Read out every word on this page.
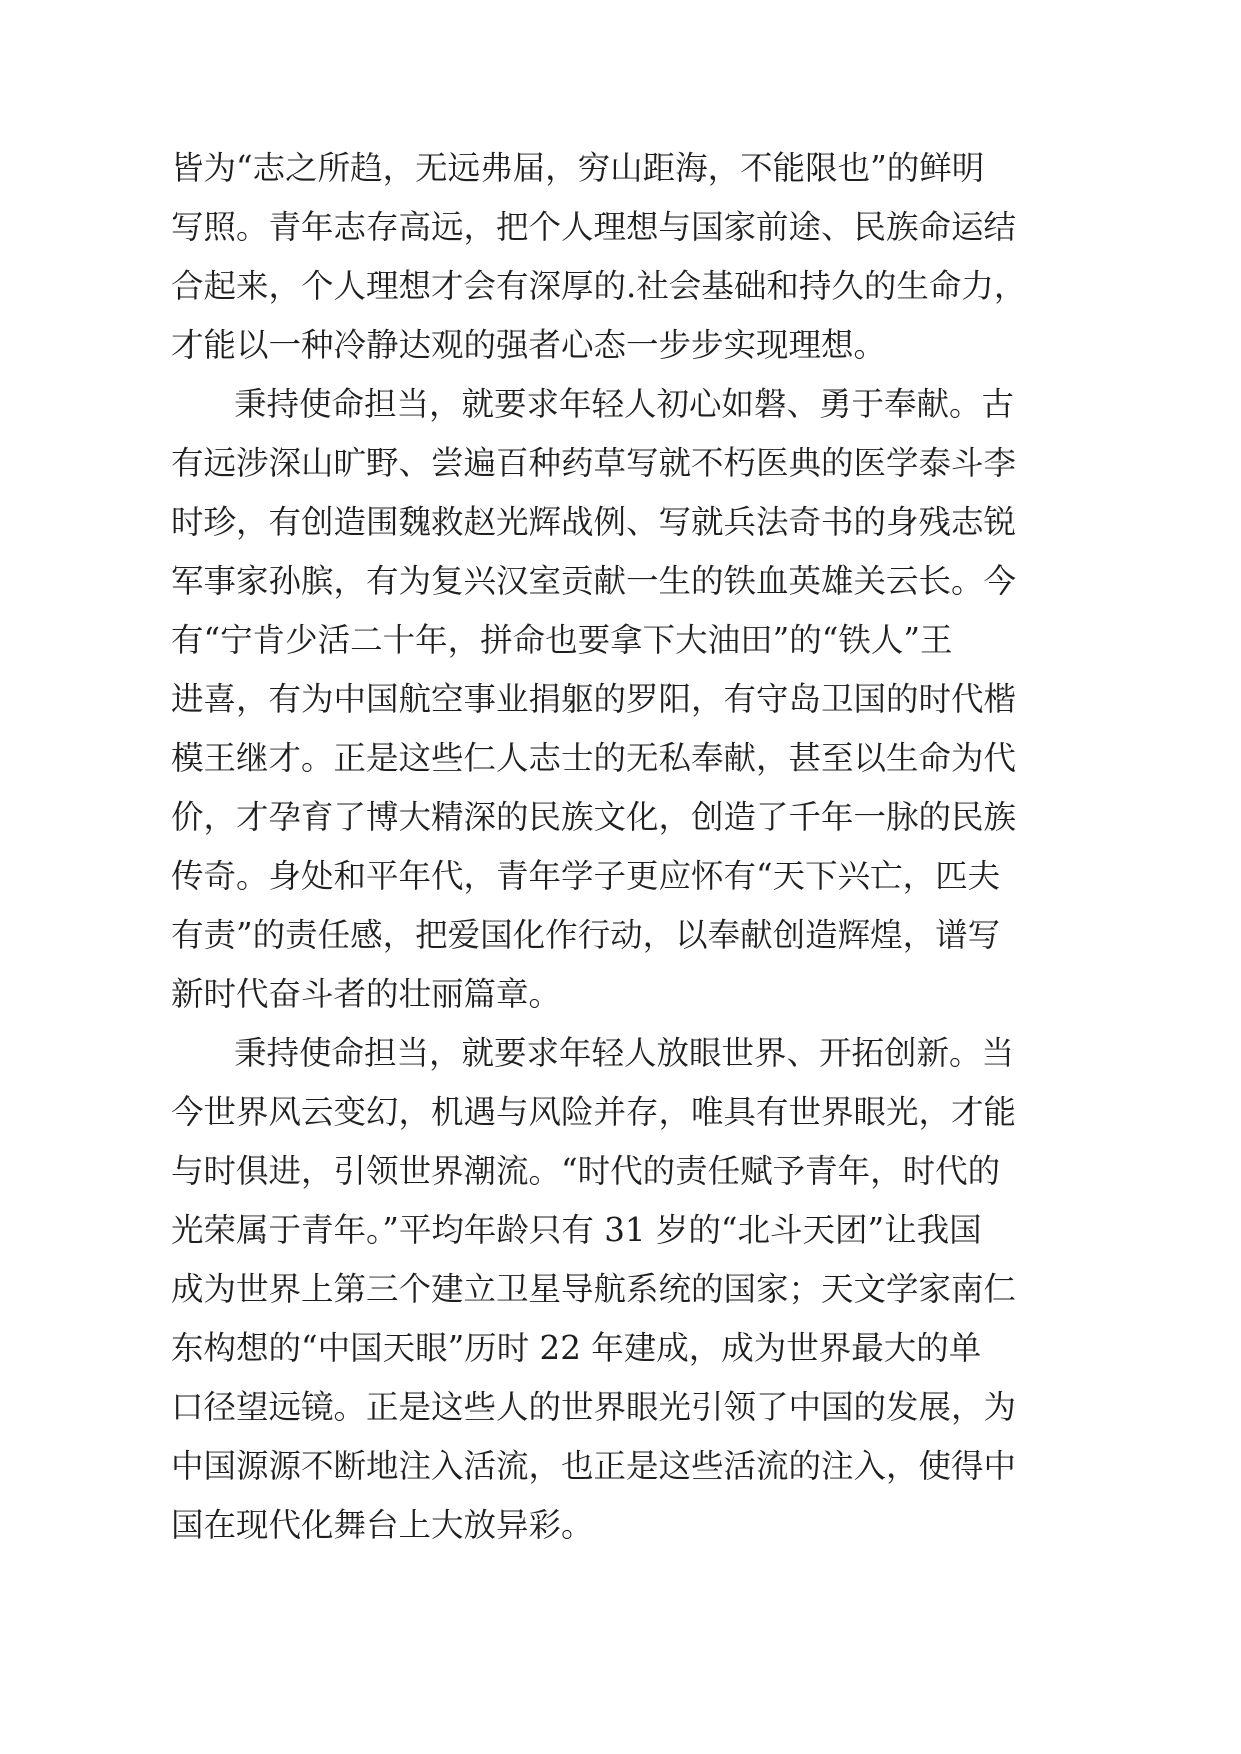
皆为“志之所趋，无远弗届，穷山距海，不能限也”的鲜明
写照。青年志存高远，把个人理想与国家前途、民族命运结
合起来，个人理想才会有深厚的.社会基础和持久的生命力，
才能以一种冷静达观的强者心态一步步实现理想。
秉持使命担当，就要求年轻人初心如磐、勇于奉献。古
有远涉深山旷野、尝遍百种药草写就不朽医典的医学泰斗李
时珍，有创造围魏救赵光辉战例、写就兵法奇书的身残志锐
军事家孙膑，有为复兴汉室贡献一生的铁血英雄关云长。今
有“宁肯少活二十年，拼命也要拿下大油田”的“铁人”王
进喜，有为中国航空事业捐躯的罗阳，有守岛卫国的时代楷
模王继才。正是这些仁人志士的无私奉献，甚至以生命为代
价，才孕育了博大精深的民族文化，创造了千年一脉的民族
传奇。身处和平年代，青年学子更应怀有“天下兴亡，匹夫
有责”的责任感，把爱国化作行动，以奉献创造辉煌，谱写
新时代奋斗者的壮丽篇章。
秉持使命担当，就要求年轻人放眼世界、开拓创新。当
今世界风云变幻，机遇与风险并存，唯具有世界眼光，才能
与时俱进，引领世界潮流。“时代的责任赋予青年，时代的
光荣属于青年。”平均年龄只有 31 岁的“北斗天团”让我国
成为世界上第三个建立卫星导航系统的国家；天文学家南仁
东构想的“中国天眼”历时 22 年建成，成为世界最大的单
口径望远镜。正是这些人的世界眼光引领了中国的发展，为
中国源源不断地注入活流，也正是这些活流的注入，使得中
国在现代化舞台上大放异彩。
